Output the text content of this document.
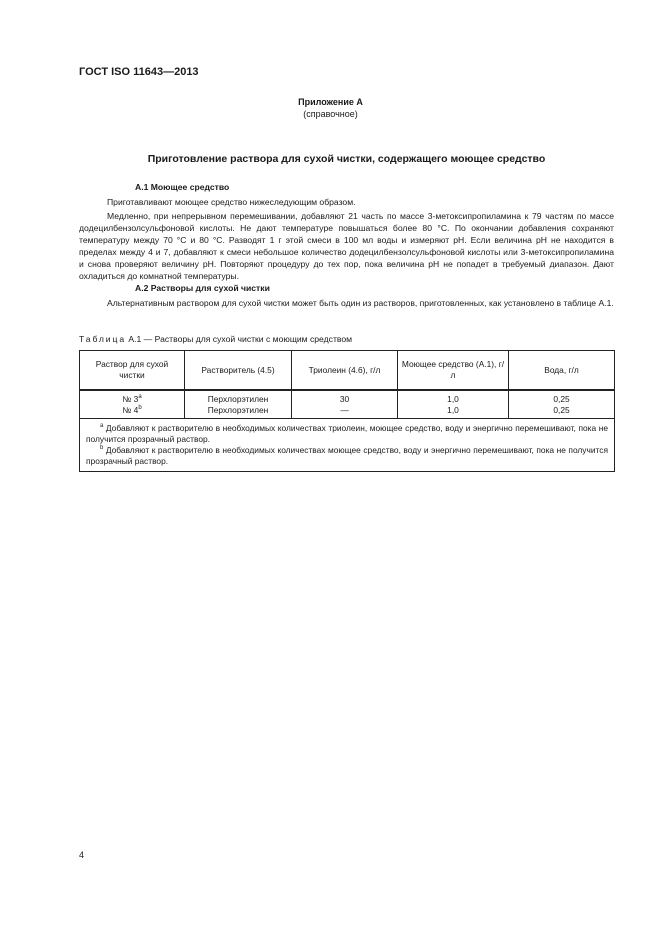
ГОСТ ISO 11643—2013
Приложение А
(справочное)
Приготовление раствора для сухой чистки, содержащего моющее средство

А.1 Моющее средство

Приготавливают моющее средство нижеследующим образом.

Медленно, при непрерывном перемешивании, добавляют 21 часть по массе 3-метоксипропиламина к 79 частям по массе додецилбензолсульфоновой кислоты. Не дают температуре повышаться более 80 °С. По окончании добавления сохраняют температуру между 70 °С и 80 °С. Разводят 1 г этой смеси в 100 мл воды и измеряют рН. Если величина рН не находится в пределах между 4 и 7, добавляют к смеси небольшое количество додецилбензолсульфоновой кислоты или 3-метоксипропиламина и снова проверяют величину рН. Повторяют процедуру до тех пор, пока величина рН не попадет в требуемый диапазон. Дают охладиться до комнатной температуры.

А.2 Растворы для сухой чистки

Альтернативным раствором для сухой чистки может быть один из растворов, приготовленных, как установлено в таблице А.1.

Таблица А.1 — Растворы для сухой чистки с моющим средством
Раствор для сухой чистки	Растворитель (4.5)	Триолеин (4.6), г/л	Моющее средство (А.1), г/л	Вода, г/л
№ 3$^a$	Перхлорэтилен	30	1,0	0,25
№ 4$^b$	Перхлорэтилен	—	1,0	0,25

$^a$ Добавляют к растворителю в необходимых количествах триолеин, моющее средство, воду и энергично перемешивают, пока не получится прозрачный раствор.
$^b$ Добавляют к растворителю в необходимых количествах моющее средство, воду и энергично перемешивают, пока не получится прозрачный раствор.				
4
